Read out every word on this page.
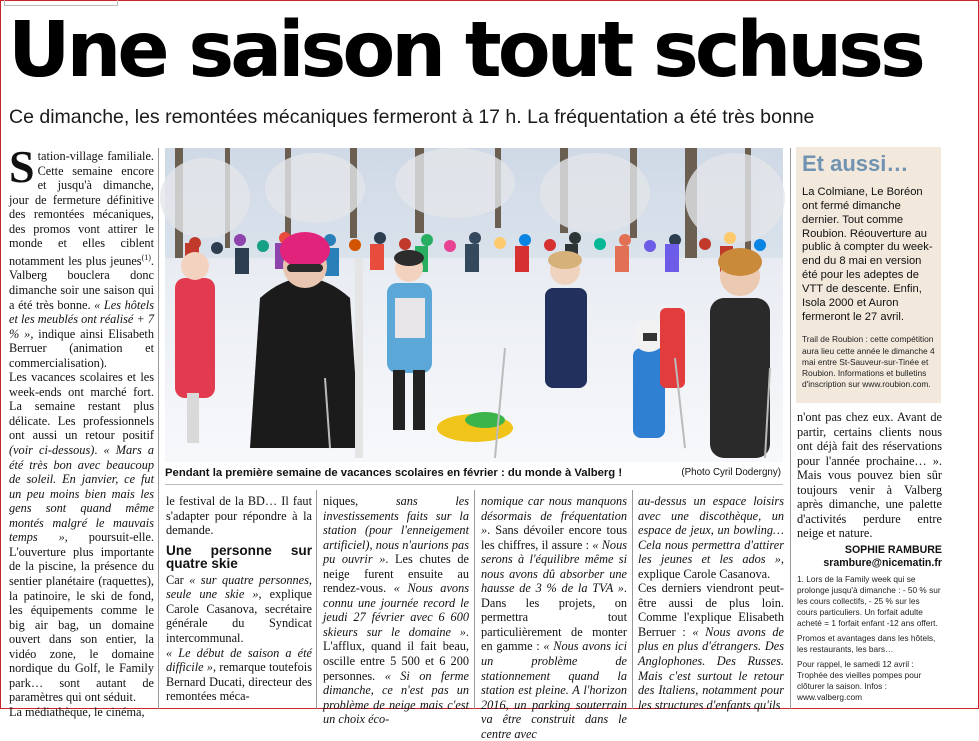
Une saison tout schuss

Ce dimanche, les remontées mécaniques fermeront à 17 h. La fréquentation a été très bonne

Station-village familiale. Cette semaine encore et jusqu'à dimanche, jour de fermeture définitive des remontées mécaniques, des promos vont attirer le monde et elles ciblent notamment les plus jeunes$^{(1)}$. Valberg bouclera donc dimanche soir une saison qui a été très bonne. « Les hôtels et les meublés ont réalisé + 7 % », indique ainsi Elisabeth Berruer (animation et commercialisation).

Les vacances scolaires et les week-ends ont marché fort. La semaine restant plus délicate. Les professionnels ont aussi un retour positif (voir ci-dessous). « Mars a été très bon avec beaucoup de soleil. En janvier, ce fut un peu moins bien mais les gens sont quand même montés malgré le mauvais temps », poursuit-elle. L'ouverture plus importante de la piscine, la présence du sentier planétaire (raquettes), la patinoire, le ski de fond, les équipements comme le big air bag, un domaine ouvert dans son entier, la vidéo zone, le domaine nordique du Golf, le Family park… sont autant de paramètres qui ont séduit.

La médiathèque, le cinéma,

Pendant la première semaine de vacances scolaires en février : du monde à Valberg !	(Photo Cyril Dodergny)

le festival de la BD… Il faut s'adapter pour répondre à la demande.

Une personne sur quatre skie

Car « sur quatre personnes, seule une skie », explique Carole Casanova, secrétaire générale du Syndicat intercommunal.

« Le début de saison a été difficile », remarque toutefois Bernard Ducati, directeur des remontées méca-

niques,	sans les investissements faits sur la station (pour l'enneigement artificiel), nous n'aurions pas pu ouvrir ». Les chutes de neige furent ensuite au rendez-vous. « Nous avons connu une journée record le jeudi 27 février avec 6 600 skieurs sur le domaine ». L'afflux, quand il fait beau, oscille entre 5 500 et 6 200 personnes. « Si on ferme dimanche, ce n'est pas un problème de neige mais c'est un choix éco-

nomique car nous manquons désormais de fréquentation ». Sans dévoiler encore tous les chiffres, il assure : « Nous serons à l'équilibre même si nous avons dû absorber une hausse de 3 % de la TVA ». Dans les projets, on permettra tout particulièrement de monter en gamme : « Nous avons ici un problème de stationnement quand la station est pleine. A l'horizon 2016, un parking souterrain va être construit dans le centre avec

au-dessus un espace loisirs avec une discothèque, un espace de jeux, un bowling… Cela nous permettra d'attirer les jeunes et les ados », explique Carole Casanova.

Ces derniers viendront peut-être aussi de plus loin. Comme l'explique Elisabeth Berruer : « Nous avons de plus en plus d'étrangers. Des Anglophones. Des Russes. Mais c'est surtout le retour des Italiens, notamment pour les structures d'enfants qu'ils

Et aussi…
La Colmiane, Le Boréon ont fermé dimanche dernier. Tout comme Roubion. Réouverture au public à compter du week-end du 8 mai en version été pour les adeptes de VTT de descente. Enfin, Isola 2000 et Auron fermeront le 27 avril.
Trail de Roubion : cette compétition aura lieu cette année le dimanche 4 mai entre St-Sauveur-sur-Tinée et Roubion. Informations et bulletins d'inscription sur www.roubion.com.

n'ont pas chez eux. Avant de partir, certains clients nous ont déjà fait des réservations pour l'année prochaine… ». Mais vous pouvez bien sûr toujours venir à Valberg après dimanche, une palette d'activités perdure entre neige et nature.

SOPHIE RAMBURE
srambure@nicematin.fr
1. Lors de la Family week qui se prolonge jusqu'à dimanche : - 50 % sur les cours collectifs, - 25 % sur les cours particuliers. Un forfait adulte acheté = 1 forfait enfant -12 ans offert.
Promos et avantages dans les hôtels, les restaurants, les bars…
Pour rappel, le samedi 12 avril : Trophée des vieilles pompes pour clôturer la saison. Infos : www.valberg.com
